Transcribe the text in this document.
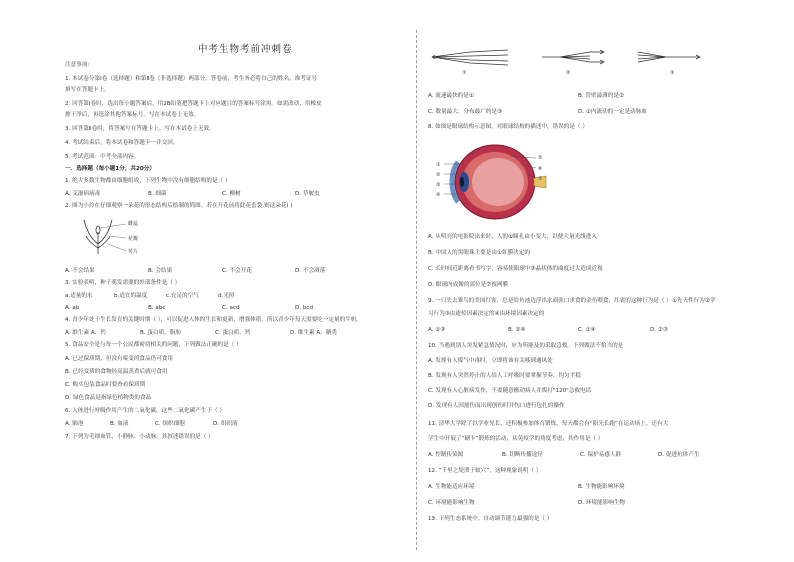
中考生物考前冲刺卷
注意事项:
1. 本试卷分第Ⅰ卷（选择题）和第Ⅱ卷（非选择题）两部分。答卷前，考生务必将自己的姓名、准考证号
填写在答题卡上。
2. 回答第Ⅰ卷时，选出每小题答案后，用2B铅笔把答题卡上对应题目的答案标号涂黑。如需改动，用橡皮
擦干净后，再选涂其他答案标号。写在本试卷上无效。
3. 回答第Ⅱ卷时，将答案写在答题卡上。写在本试卷上无效。
4. 考试结束后，将本试卷和答题卡一并交回。
5. 考试范围：中考全部内容。
一、选择题（每小题1分，共20分）
1. 绝大多数生物都由细胞组成，下列生物中没有细胞结构的是（ ）
A. 艾滋病病毒	B. 细菌	C. 柳树	D. 草履虫
2. 图为小玲在仔细观察一朵花的形态结构后绘制的简图。若在开花前将此花套袋,则这朵花( )
雌蕊
花瓣
萼片
A. 不会结果	B. 会结果	C. 不会开花	D. 不会凋落
3. 实验表明，种子萌发需要的外部条件是（ ）
a.适量的水	b.适宜的温度	c.充足的空气	d.光照
A. ab	B. abc	C. acd	D. bcd
4. 青少年处于生长发育的关键时期（ ），可以促进人体的生长和更新，增强体质，所以青少年每天需要吃一定量的牛奶。
A. 维生素 A、钙	B. 蛋白质、脂肪	C. 蛋白质、钙	D. 维生素 A、糖类
5. 食品安全是与每一个公民都密切相关的问题，下列做法正确的是（ ）
A. 已过保质期，但没有霉变的食品仍可食用
B. 已经变质的食物经高温蒸煮后就可食用
C. 购买包装食品时要查看保质期
D. 绿色食品是指绿色植物类的食品
6. 人体进行呼吸作用产生的二氧化碳，这些二氧化碳产生于（ ）
A. 肺泡	B. 血液	C. 组织细胞	D. 组织液
7. 下列为毛细血管、小静脉、小动脉，其叙述错误的是（ ）
①	②	③
A. 流速最快的是①	B. 管壁最薄的是②
C. 数量最大、分布最广的是③	D. ①内流动的一定是动脉血
8. 如图是眼球结构示意图，对眼球结构的描述中，错误的是（ ）
①
②
③
④
⑤
⑥
⑦
A. 从明亮的电影院出来时，人的①瞳孔由小变大，以便大量光线进入
B. 中国人的黑眼珠主要是由①虹膜决定的
C. 长时间近距离看书写字，容易使眼球中③晶状体的曲度过大造成近视
D. 眼球内成像的部位是⑦视网膜
9. 一只失去雏鸟的美国红雀，总是给鱼池边浮出水面张口求食的金鱼喂食，红雀的这种行为是（ ）①先天性行为②学
习行为③由遗传因素决定的④由环境因素决定的
A. ①③	B. ②④	C. ①④	D. ②③
10. 当遇到别人突发紧急情况时，应为所能及的采取急救。下列做法不恰当的是
A. 发现有人煤气中毒时，立即将该有关移到通风处
B. 发现有人突然停止的人给人工呼吸时要掌握节奏，均匀平稳
C. 发现有人心脏病发作，不要随意搬动病人并拨打"120"急救电话
D. 发现有人因割伤而出现创伤时并伤口进行包扎的操作
11. 清华大学除了以学业见长，还积极参加体育锻炼，每天都会有“阳光长跑”在运动场上。还有大
学生中开展了“刷卡”锻炼的活动，从免疫学的角度考虑，其作用是（ ）
A. 控制传染源	B. 切断传播途径	C. 保护易感人群	D. 促进抗体产生
12. “千里之堤溃于蚁穴”，这种现象说明（ ）
A. 生物能适应环境	B. 生物能影响环境
C. 环境能影响生物	D. 环境能影响生物
13. 下列生态系统中，自动调节能力最强的是（ ）
